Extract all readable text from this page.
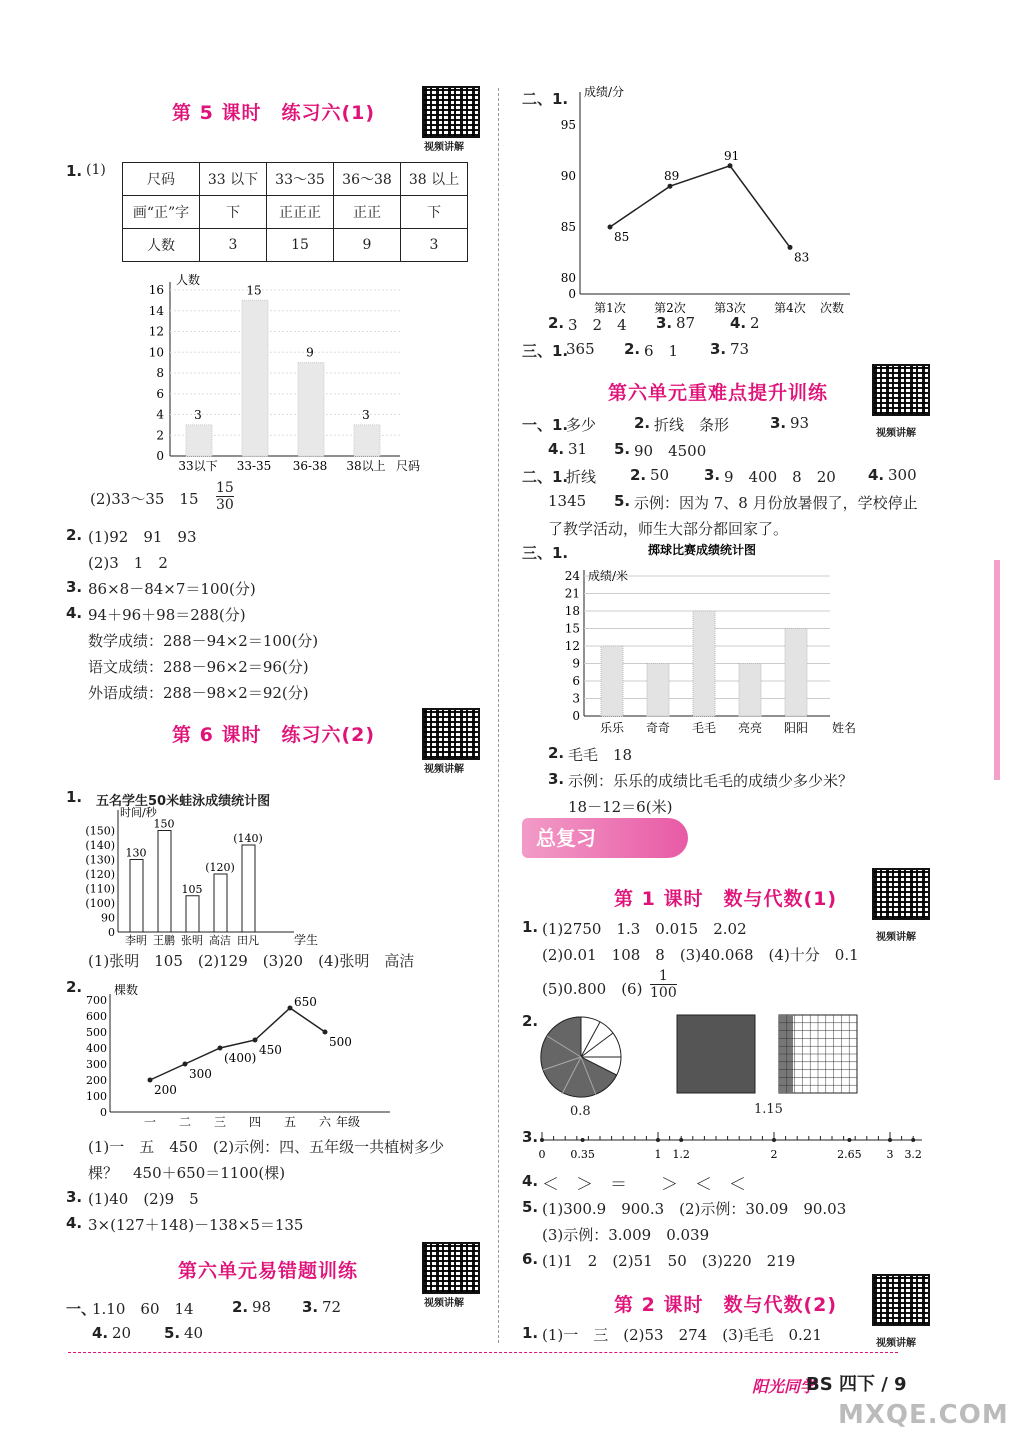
第 5 课时　练习六(1)
视频讲解
1. (1)
尺码	33 以下	33～35	36～38	38 以上
画“正”字	下	正正正	正正	下
人数	3	15	9	3
0
2
4
6
8
10
12
14
16
人数
尺码
3
33以下
15
33-35
9
36-38
3
38以上
(2)33～35　$15 \frac{15}{30}$
2. (1)92　91　93
(2)3　1　2
3. 86×8－84×7＝100(分)
4. 94＋96＋98＝288(分)
数学成绩：288－94×2＝100(分)
语文成绩：288－96×2＝96(分)
外语成绩：288－98×2＝92(分)
第 6 课时　练习六(2)
视频讲解
1. 五名学生50米蛙泳成绩统计图
0
90
(100)
(110)
(120)
(130)
(140)
(150)
时间/秒
学生
130
李明
150
王鹏
105
张明
(120)
高洁
(140)
田凡
(1)张明　105　(2)129　(3)20　(4)张明　高洁
2.
0
100
200
300
400
500
600
700
棵数
年级
200
一
300
二
(400)
三
450
四
650
五
500
六
(1)一　五　450　(2)示例：四、五年级一共植树多少
棵？　450＋650＝1100(棵)
3. (1)40　(2)9　5
4. 3×(127＋148)－138×5＝135
第六单元易错题训练
视频讲解
一、
1.10　60　14	2. 98 3. 72
4. 20 5. 40
二、1.
0
80
85
90
95
成绩/分
次数
85
第1次
89
第2次
91
第3次
83
第4次
2. 3　2　4 3. 87 4. 2
三、1.
365 2. 6　1 3. 73
第六单元重难点提升训练
视频讲解
一、1.
多少	2. 折线　条形	3. 93
4. 31 5. 90　4500
二、1.
折线 2. 50 3. 9　400　8　20 4. 300
1345 5. 示例：因为 7、8 月份放暑假了，学校停止
了教学活动，师生大部分都回家了。
三、1.	掷球比赛成绩统计图
0
3
6
9
12
15
18
21
24 成绩/米
姓名
乐乐 奇奇 毛毛 亮亮 阳阳
2. 毛毛　18
3. 示例：乐乐的成绩比毛毛的成绩少多少米？
18－12＝6(米)
总复习
第 1 课时　数与代数(1)
视频讲解
1. (1)2750　1.3　0.015　2.02
(2)0.01　108　8　(3)40.068　(4)十分　0.1
(5)0.800　$(6) \frac{1}{100}$
2.
0.8	1.15
3.
0 0.35	1 1.2	2	2.65 3 3.2
4. ＜　＞　＝　　＞　＜　＜
5. (1)300.9　900.3　(2)示例：30.09　90.03
(3)示例：3.009　0.039
6. (1)1　2　(2)51　50　(3)220　219
第 2 课时　数与代数(2)
视频讲解
1. (1)一　三　(2)53　274　(3)毛毛　0.21
阳光同学
BS 四下 / 9
MXQE.COM
